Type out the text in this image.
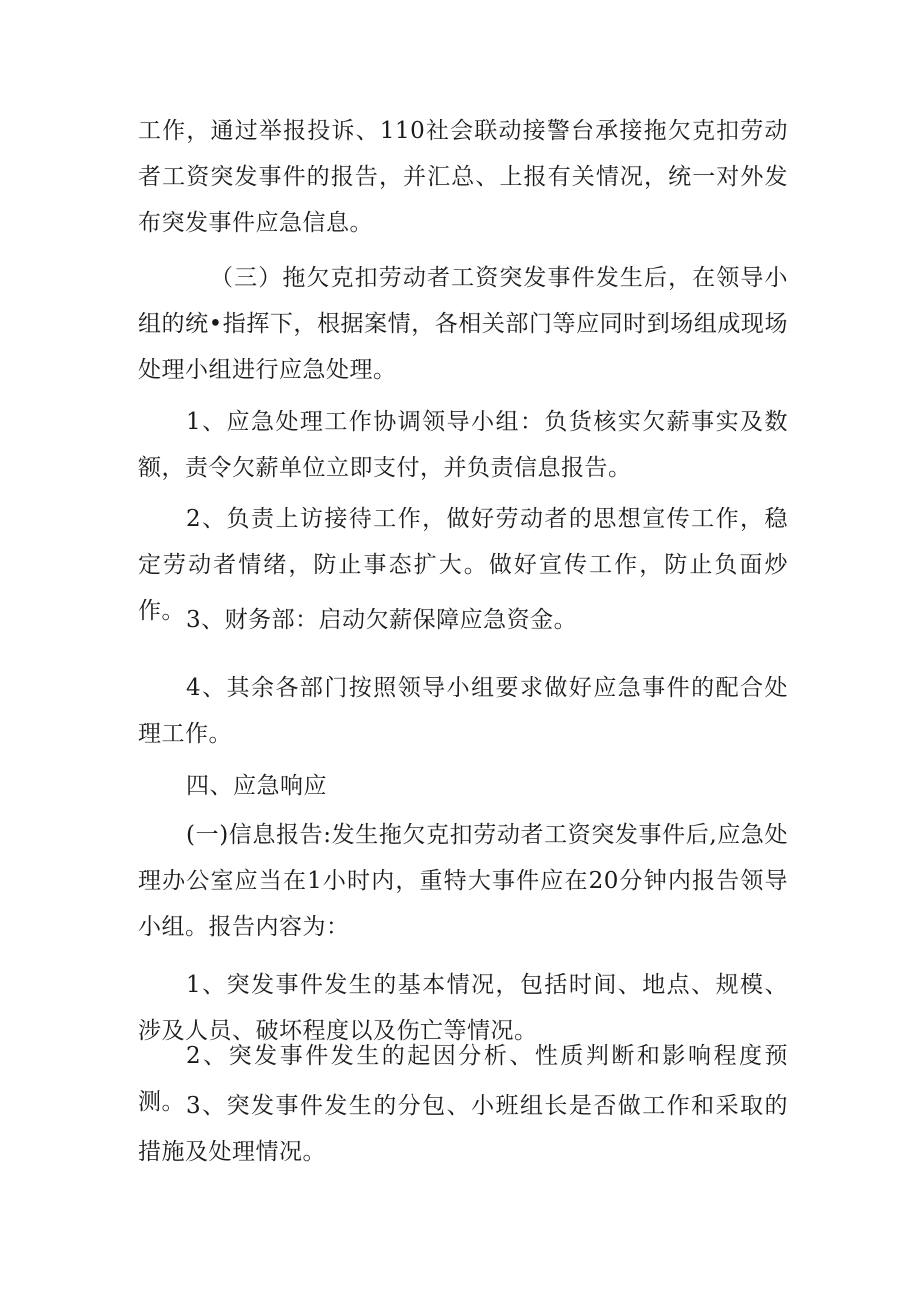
工作，通过举报投诉、110社会联动接警台承接拖欠克扣劳动者工资突发事件的报告，并汇总、上报有关情况，统一对外发布突发事件应急信息。

（三）拖欠克扣劳动者工资突发事件发生后，在领导小组的统•指挥下，根据案情，各相关部门等应同时到场组成现场处理小组进行应急处理。

1、应急处理工作协调领导小组：负货核实欠薪事实及数额，责令欠薪单位立即支付，并负责信息报告。

2、负责上访接待工作，做好劳动者的思想宣传工作，稳定劳动者情绪，防止事态扩大。做好宣传工作，防止负面炒作。 3、财务部：启动欠薪保障应急资金。

4、其余各部门按照领导小组要求做好应急事件的配合处理工作。

四、应急响应

(一)信息报告:发生拖欠克扣劳动者工资突发事件后,应急处理办公室应当在1小时内，重特大事件应在20分钟内报告领导小组。报告内容为：

1、突发事件发生的基本情况，包括时间、地点、规模、涉及人员、破坏程度以及伤亡等情况。

2、突发事件发生的起因分析、性质判断和影响程度预测。 3、突发事件发生的分包、小班组长是否做工作和采取的措施及处理情况。
